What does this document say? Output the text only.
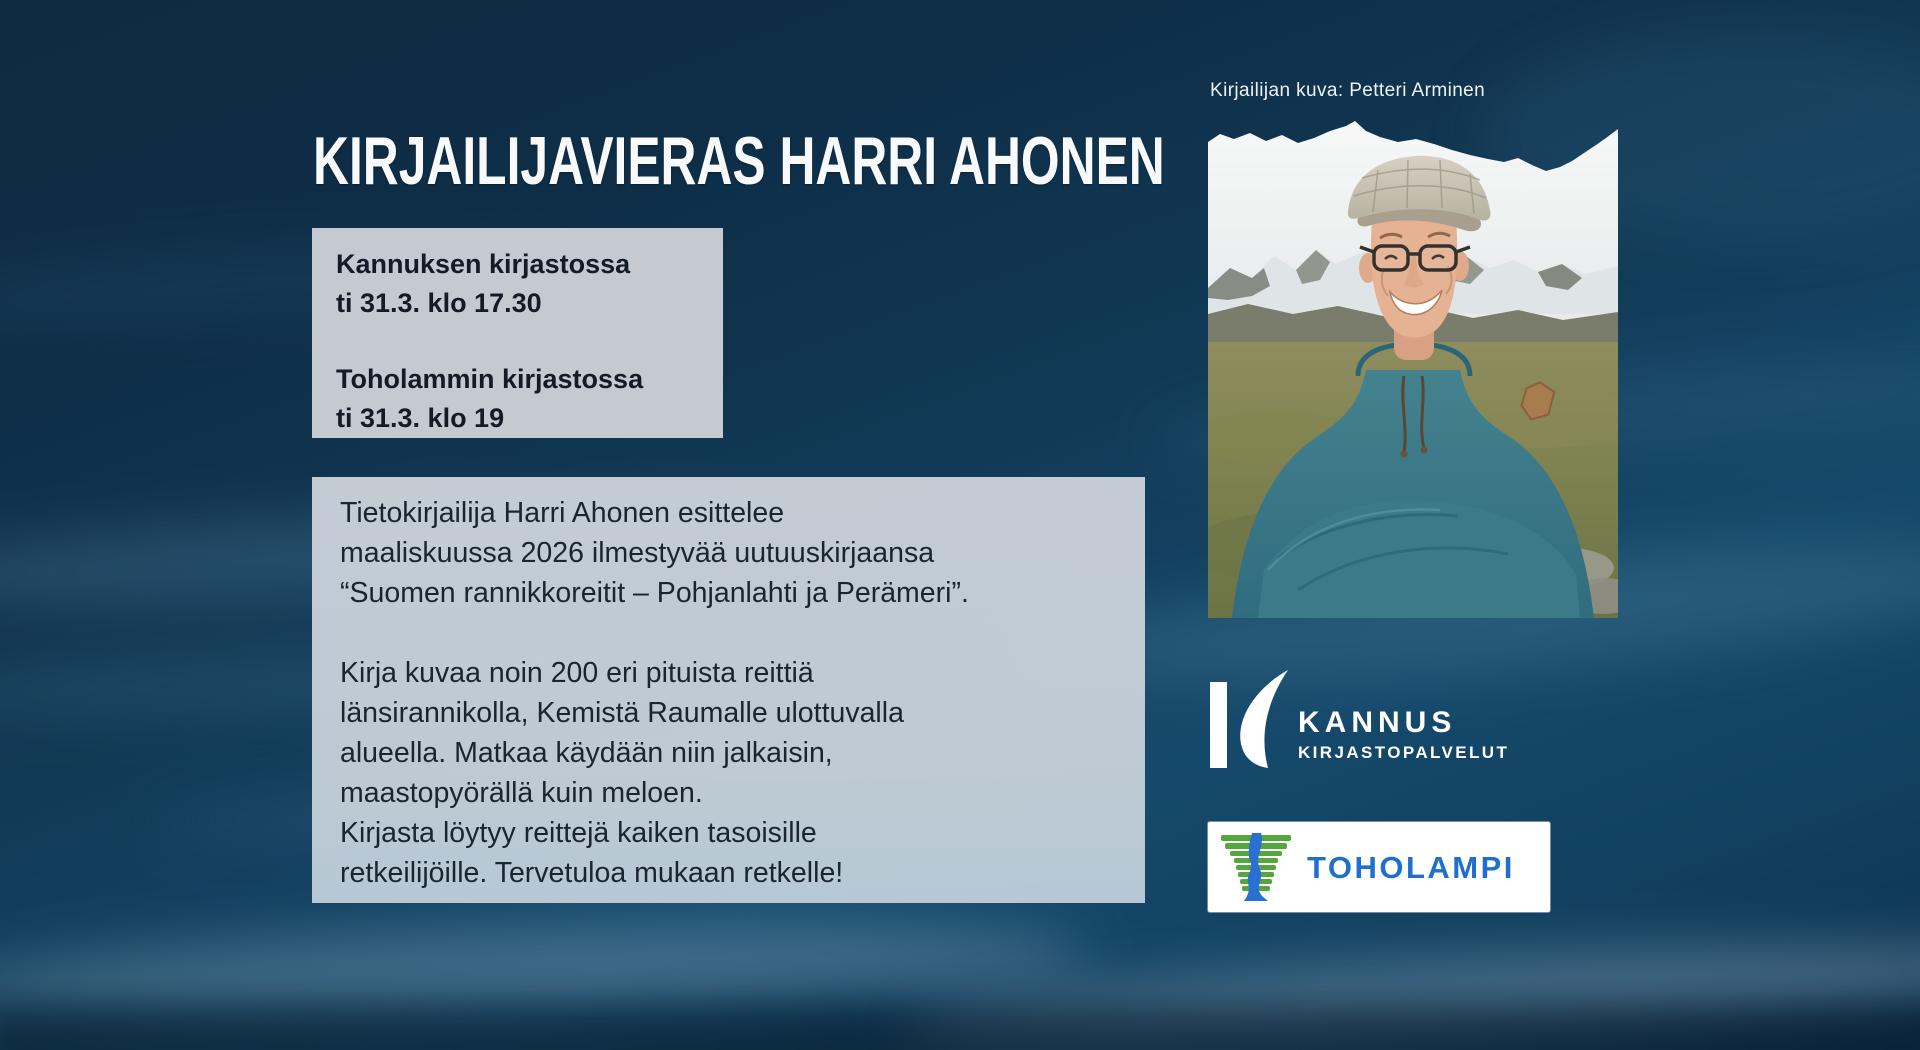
KIRJAILIJAVIERAS HARRI AHONEN
Kannuksen kirjastossa
ti 31.3. klo 17.30
Toholammin kirjastossa
ti 31.3. klo 19
Tietokirjailija Harri Ahonen esittelee
maaliskuussa 2026 ilmestyvää uutuuskirjaansa
“Suomen rannikkoreitit – Pohjanlahti ja Perämeri”.
Kirja kuvaa noin 200 eri pituista reittiä
länsirannikolla, Kemistä Raumalle ulottuvalla
alueella. Matkaa käydään niin jalkaisin,
maastopyörällä kuin meloen.
Kirjasta löytyy reittejä kaiken tasoisille
retkeilijöille. Tervetuloa mukaan retkelle!
Kirjailijan kuva: Petteri Arminen
KANNUS
KIRJASTOPALVELUT
TOHOLAMPI
